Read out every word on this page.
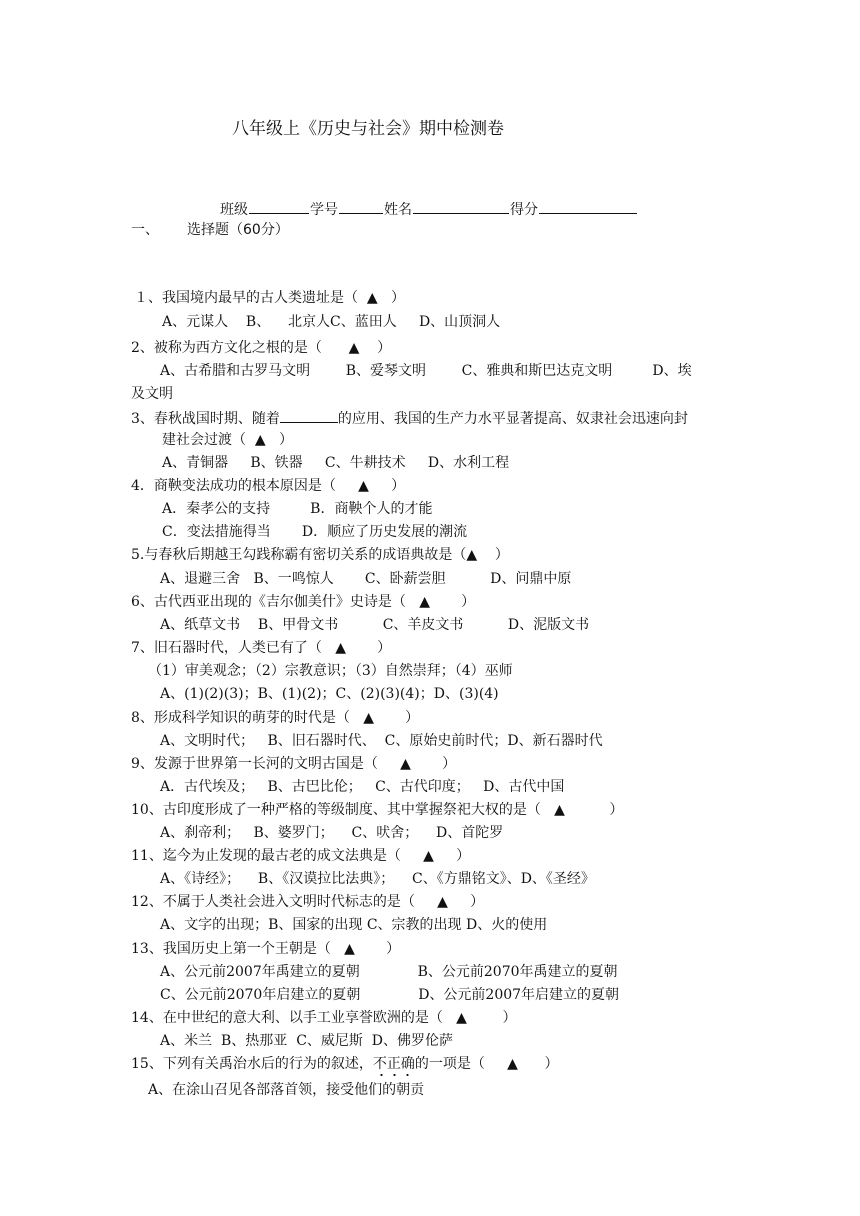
八年级上《历史与社会》期中检测卷
班级	学号	姓名	得分
一、 选择题（60分）
１、我国境内最早的古人类遗址是（  ▲   ）
A、元谋人    B、    北京人C、蓝田人     D、山顶洞人
2、被称为西方文化之根的是（      ▲    ）
A、古希腊和古罗马文明        B、爱琴文明        C、雅典和斯巴达克文明         D、埃
及文明
3、春秋战国时期、随着	的应用、我国的生产力水平显著提高、奴隶社会迅速向封
建社会过渡（  ▲   ）
A、青铜器     B、铁器     C、牛耕技术     D、水利工程
4．商鞅变法成功的根本原因是（     ▲     ）
A．秦孝公的支持         B．商鞅个人的才能
C．变法措施得当       D．顺应了历史发展的潮流
5.与春秋后期越王勾践称霸有密切关系的成语典故是（▲    ）
A、退避三舍   B、一鸣惊人       C、卧薪尝胆          D、问鼎中原
6、古代西亚出现的《吉尔伽美什》史诗是（   ▲       ）
A、纸草文书    B、甲骨文书          C、羊皮文书          D、泥版文书
7、旧石器时代，人类已有了（   ▲       ）
（1）审美观念；（2）宗教意识；（3）自然崇拜；（4）巫师
A、(1)(2)(3)；B、(1)(2)；C、(2)(3)(4)；D、(3)(4)
8、形成科学知识的萌芽的时代是（   ▲       ）
A、文明时代；   B、旧石器时代、  C、原始史前时代；D、新石器时代
9、发源于世界第一长河的文明古国是（     ▲       ）
A．古代埃及；   B、古巴比伦；   C、古代印度；   D、古代中国
10、古印度形成了一种严格的等级制度、其中掌握祭祀大权的是（   ▲          ）
A、刹帝利；   B、婆罗门；    C、吠舍；    D、首陀罗
11、迄今为止发现的最古老的成文法典是（     ▲     ）
A、《诗经》；    B、《汉谟拉比法典》；    C、《方鼎铭文》、D、《圣经》
12、不属于人类社会进入文明时代标志的是（     ▲     ）
A、文字的出现；B、国家的出现 C、宗教的出现 D、火的使用
13、我国历史上第一个王朝是（   ▲       ）
A、公元前2007年禹建立的夏朝             B、公元前2070年禹建立的夏朝
C、公元前2070年启建立的夏朝             D、公元前2007年启建立的夏朝
14、在中世纪的意大利、以手工业享誉欧洲的是（   ▲        ）
A、米兰  B、热那亚  C、威尼斯  D、佛罗伦萨
15、下列有关禹治水后的行为的叙述，不正确的一项是（     ▲      ）
A、在涂山召见各部落首领，接受他们的朝贡
